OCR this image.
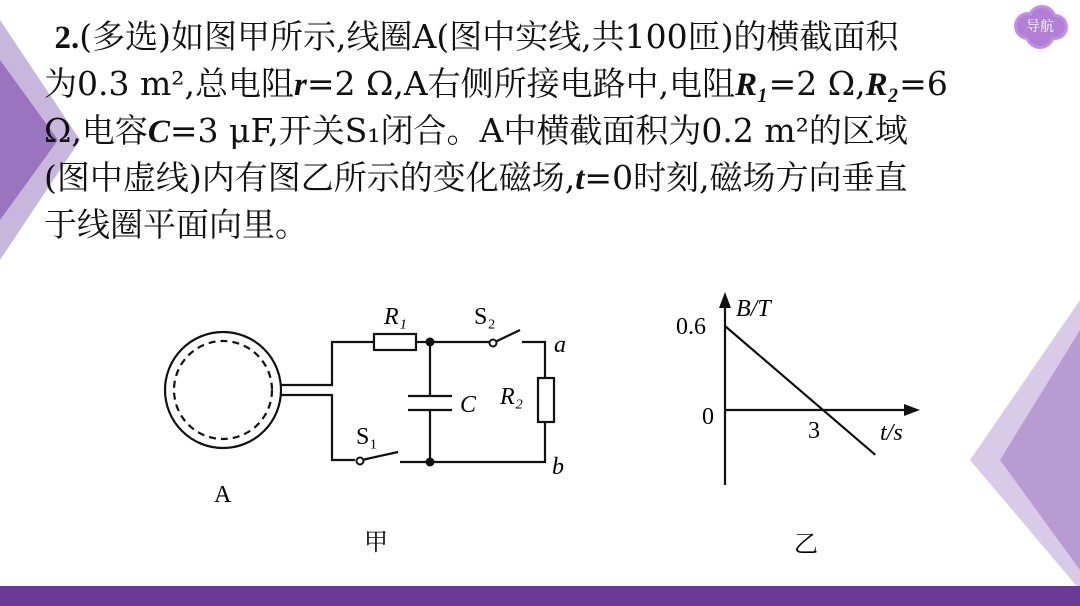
导航

2.(多选)如图甲所示,线圈A(图中实线,共100匝)的横截面积

为0.3 m²,总电阻r=2 Ω,A右侧所接电路中,电阻R₁=2 Ω,R₂=6

Ω,电容C=3 μF,开关S₁闭合。A中横截面积为0.2 m²的区域

(图中虚线)内有图乙所示的变化磁场,t=0时刻,磁场方向垂直

于线圈平面向里。

A
R₁	S₂
a
C R₂
S₁
b
甲
B/T
0.6
0
3	t/s
乙
